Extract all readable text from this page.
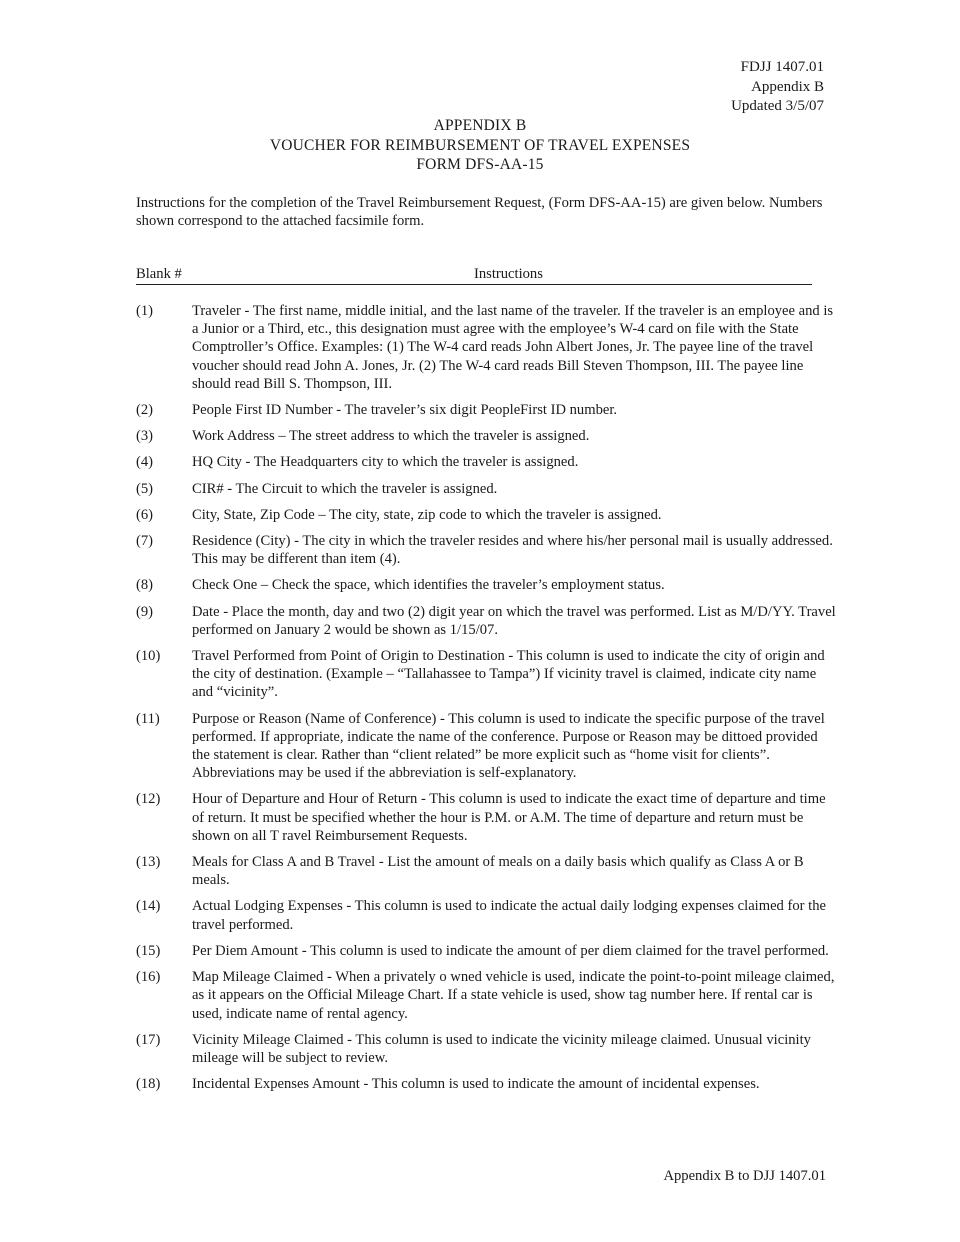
FDJJ 1407.01
Appendix B
Updated 3/5/07
APPENDIX B
VOUCHER FOR REIMBURSEMENT OF TRAVEL EXPENSES
FORM DFS-AA-15
Instructions for the completion of the Travel Reimbursement Request, (Form DFS-AA-15) are given below. Numbers shown correspond to the attached facsimile form.
Blank #	Instructions
(1)	Traveler - The first name, middle initial, and the last name of the traveler. If the traveler is an employee and is a Junior or a Third, etc., this designation must agree with the employee’s W-4 card on file with the State Comptroller’s Office. Examples: (1) The W-4 card reads John Albert Jones, Jr. The payee line of the travel voucher should read John A. Jones, Jr. (2) The W-4 card reads Bill Steven Thompson, III. The payee line should read Bill S. Thompson, III.
(2)	People First ID Number - The traveler’s six digit PeopleFirst ID number.
(3)	Work Address – The street address to which the traveler is assigned.
(4)	HQ City - The Headquarters city to which the traveler is assigned.
(5)	CIR# - The Circuit to which the traveler is assigned.
(6)	City, State, Zip Code – The city, state, zip code to which the traveler is assigned.
(7)	Residence (City) - The city in which the traveler resides and where his/her personal mail is usually addressed. This may be different than item (4).
(8)	Check One – Check the space, which identifies the traveler’s employment status.
(9)	Date - Place the month, day and two (2) digit year on which the travel was performed. List as M/D/YY. Travel performed on January 2 would be shown as 1/15/07.
(10) Travel Performed from Point of Origin to Destination - This column is used to indicate the city of origin and the city of destination. (Example – “Tallahassee to Tampa”) If vicinity travel is claimed, indicate city name and “vicinity”.
(11) Purpose or Reason (Name of Conference) - This column is used to indicate the specific purpose of the travel performed. If appropriate, indicate the name of the conference. Purpose or Reason may be dittoed provided the statement is clear. Rather than “client related” be more explicit such as “home visit for clients”. Abbreviations may be used if the abbreviation is self-explanatory.
(12) Hour of Departure and Hour of Return - This column is used to indicate the exact time of departure and time of return. It must be specified whether the hour is P.M. or A.M. The time of departure and return must be shown on all T ravel Reimbursement Requests.
(13) Meals for Class A and B Travel - List the amount of meals on a daily basis which qualify as Class A or B meals.
(14) Actual Lodging Expenses - This column is used to indicate the actual daily lodging expenses claimed for the travel performed.
(15) Per Diem Amount - This column is used to indicate the amount of per diem claimed for the travel performed.
(16) Map Mileage Claimed - When a privately o wned vehicle is used, indicate the point-to-point mileage claimed, as it appears on the Official Mileage Chart. If a state vehicle is used, show tag number here. If rental car is used, indicate name of rental agency.
(17) Vicinity Mileage Claimed - This column is used to indicate the vicinity mileage claimed. Unusual vicinity mileage will be subject to review.
(18) Incidental Expenses Amount - This column is used to indicate the amount of incidental expenses.
Appendix B to DJJ 1407.01
